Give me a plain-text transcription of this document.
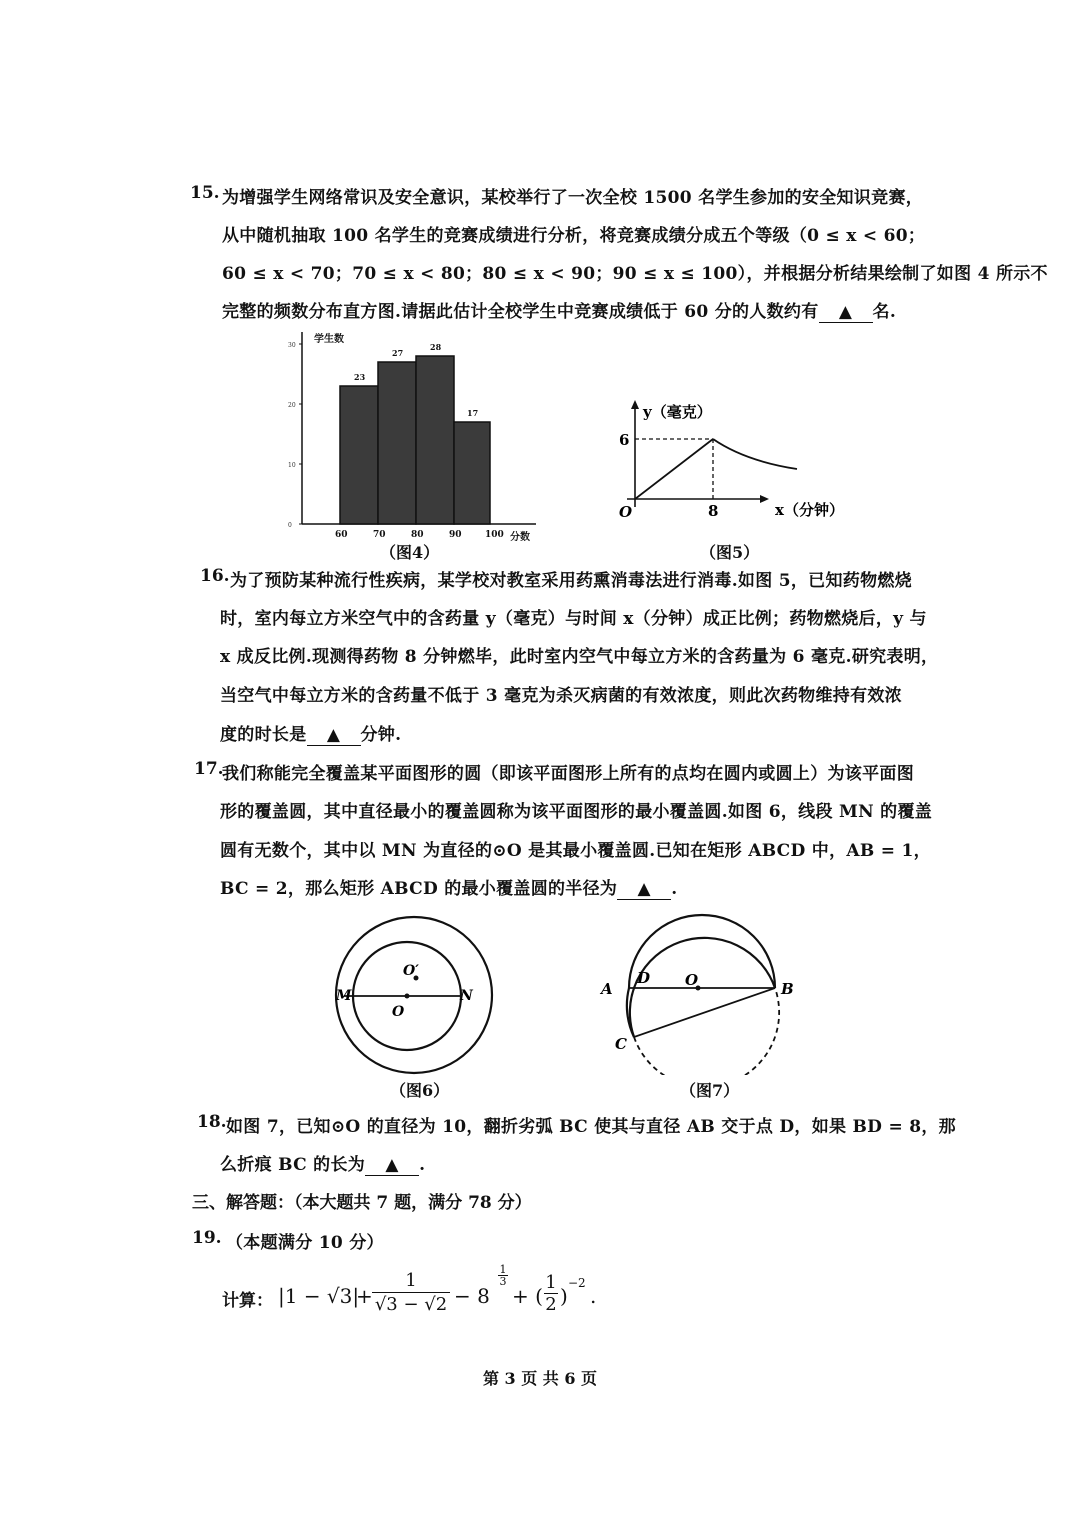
15. 为增强学生网络常识及安全意识，某校举行了一次全校 1500 名学生参加的安全知识竞赛，
从中随机抽取 100 名学生的竞赛成绩进行分析，将竞赛成绩分成五个等级（0 ≤ x < 60；
60 ≤ x < 70；70 ≤ x < 80；80 ≤ x < 90；90 ≤ x ≤ 100），并根据分析结果绘制了如图 4 所示不
完整的频数分布直方图.请据此估计全校学生中竞赛成绩低于 60 分的人数约有 ▲ 名.
0
10
20
30
23
27
28
17
60	70	80	90	100
学生数
分数
（图4）
y（毫克）
x（分钟）
6
8
O
（图5）
16. 为了预防某种流行性疾病，某学校对教室采用药熏消毒法进行消毒.如图 5，已知药物燃烧
时，室内每立方米空气中的含药量 y（毫克）与时间 x（分钟）成正比例；药物燃烧后，y 与
x 成反比例.现测得药物 8 分钟燃毕，此时室内空气中每立方米的含药量为 6 毫克.研究表明，
当空气中每立方米的含药量不低于 3 毫克为杀灭病菌的有效浓度，则此次药物维持有效浓
度的时长是 ▲ 分钟.
17.
我们称能完全覆盖某平面图形的圆（即该平面图形上所有的点均在圆内或圆上）为该平面图
形的覆盖圆，其中直径最小的覆盖圆称为该平面图形的最小覆盖圆.如图 6，线段 MN 的覆盖
圆有无数个，其中以 MN 为直径的⊙O 是其最小覆盖圆.已知在矩形 ABCD 中，AB = 1，
BC = 2，那么矩形 ABCD 的最小覆盖圆的半径为 ▲ .
M	N
O
O′
（图6）
A	B
C
D O
（图7）
18. 如图 7，已知⊙O 的直径为 10，翻折劣弧 BC 使其与直径 AB 交于点 D，如果 BD = 8，那
么折痕 BC 的长为 ▲ .
三、解答题：（本大题共 7 题，满分 78 分）
19. （本题满分 10 分）
计算： |1 − √3|
+
1
√3 − √2 − 8
1
3
+ (
1
2 )
−2
.
第 3 页 共 6 页
